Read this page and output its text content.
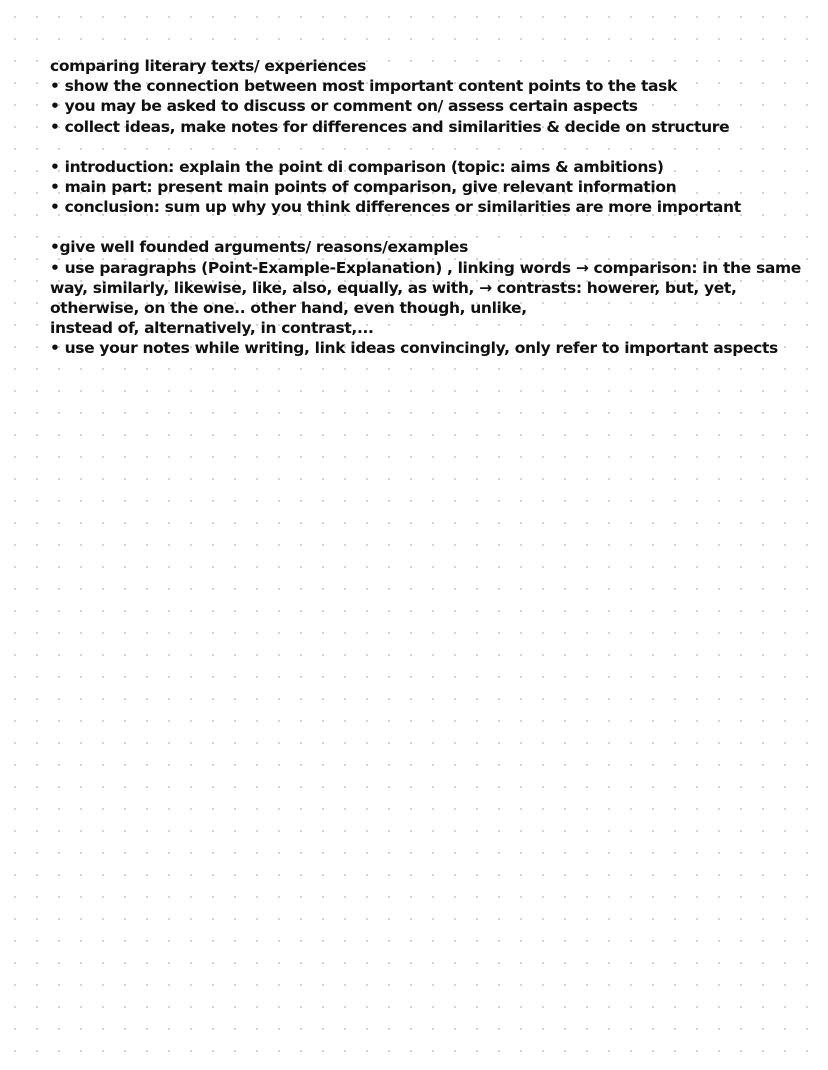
comparing literary texts/ experiences

• show the connection between most important content points to the task

• you may be asked to discuss or comment on/ assess certain aspects

• collect ideas, make notes for differences and similarities & decide on structure

• introduction: explain the point di comparison (topic: aims & ambitions)

• main part: present main points of comparison, give relevant information

• conclusion: sum up why you think differences or similarities are more important

•give well founded arguments/ reasons/examples

• use paragraphs (Point-Example-Explanation) , linking words → comparison: in the same

way, similarly, likewise, like, also, equally, as with, → contrasts: howerer, but, yet,

otherwise, on the one.. other hand, even though, unlike,

instead of, alternatively, in contrast,...

• use your notes while writing, link ideas convincingly, only refer to important aspects
